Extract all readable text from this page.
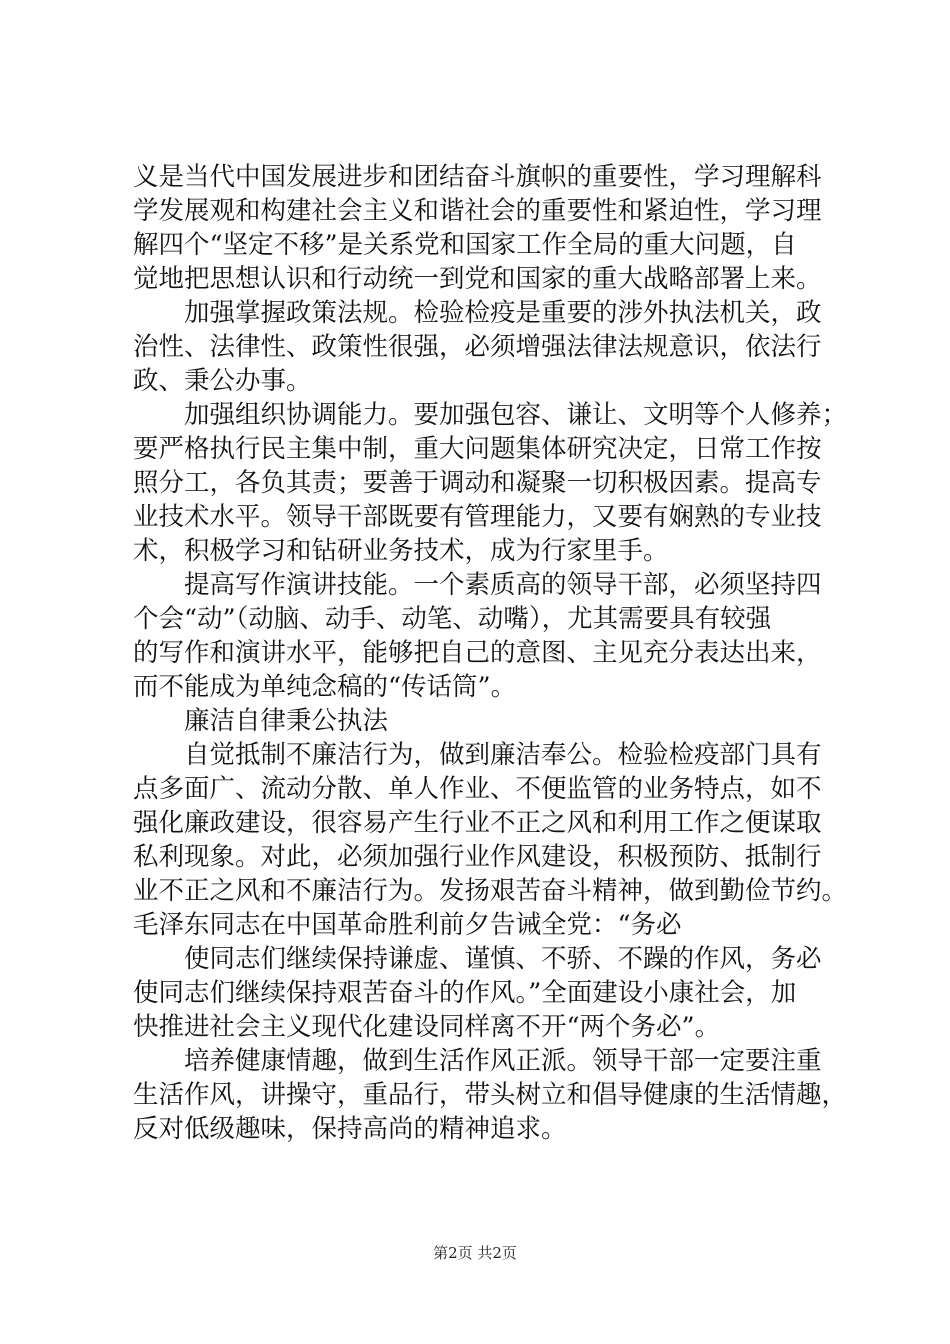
义是当代中国发展进步和团结奋斗旗帜的重要性，学习理解科
学发展观和构建社会主义和谐社会的重要性和紧迫性，学习理
解四个“坚定不移”是关系党和国家工作全局的重大问题，自
觉地把思想认识和行动统一到党和国家的重大战略部署上来。
加强掌握政策法规。检验检疫是重要的涉外执法机关，政
治性、法律性、政策性很强，必须增强法律法规意识，依法行
政、秉公办事。
加强组织协调能力。要加强包容、谦让、文明等个人修养；
要严格执行民主集中制，重大问题集体研究决定，日常工作按
照分工，各负其责；要善于调动和凝聚一切积极因素。提高专
业技术水平。领导干部既要有管理能力，又要有娴熟的专业技
术，积极学习和钻研业务技术，成为行家里手。
提高写作演讲技能。一个素质高的领导干部，必须坚持四
个会“动”（动脑、动手、动笔、动嘴），尤其需要具有较强
的写作和演讲水平，能够把自己的意图、主见充分表达出来，
而不能成为单纯念稿的“传话筒”。
廉洁自律秉公执法
自觉抵制不廉洁行为，做到廉洁奉公。检验检疫部门具有
点多面广、流动分散、单人作业、不便监管的业务特点，如不
强化廉政建设，很容易产生行业不正之风和利用工作之便谋取
私利现象。对此，必须加强行业作风建设，积极预防、抵制行
业不正之风和不廉洁行为。发扬艰苦奋斗精神，做到勤俭节约。
毛泽东同志在中国革命胜利前夕告诫全党：“务必
使同志们继续保持谦虚、谨慎、不骄、不躁的作风，务必
使同志们继续保持艰苦奋斗的作风。”全面建设小康社会，加
快推进社会主义现代化建设同样离不开“两个务必”。
培养健康情趣，做到生活作风正派。领导干部一定要注重
生活作风，讲操守，重品行，带头树立和倡导健康的生活情趣，
反对低级趣味，保持高尚的精神追求。
第2页 共2页
